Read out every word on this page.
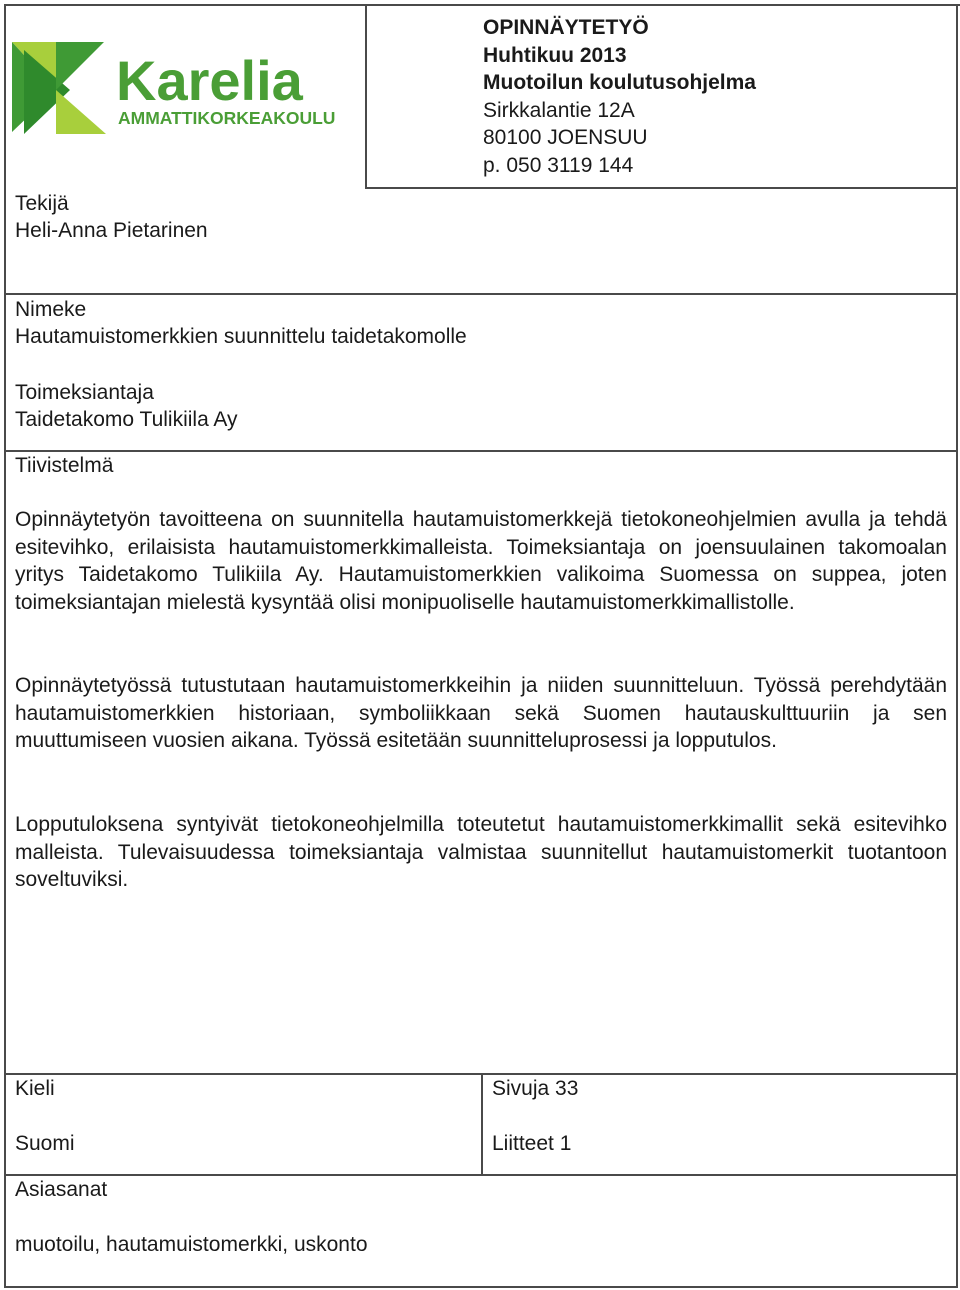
Karelia
AMMATTIKORKEAKOULU
OPINNÄYTETYÖ
Huhtikuu 2013
Muotoilun koulutusohjelma
Sirkkalantie 12A
80100 JOENSUU
p. 050 3119 144
Tekijä
Heli-Anna Pietarinen
Nimeke
Hautamuistomerkkien suunnittelu taidetakomolle
Toimeksiantaja
Taidetakomo Tulikiila Ay
Tiivistelmä
Opinnäytetyön tavoitteena on suunnitella hautamuistomerkkejä tietokoneohjelmien avulla ja tehdä esitevihko, erilaisista hautamuistomerkkimalleista. Toimeksiantaja on joensuulainen takomoalan yritys Taidetakomo Tulikiila Ay. Hautamuistomerkkien valikoima Suomessa on suppea, joten toimeksiantajan mielestä kysyntää olisi monipuoliselle hautamuistomerkkimallistolle.
Opinnäytetyössä tutustutaan hautamuistomerkkeihin ja niiden suunnitteluun. Työssä perehdytään hautamuistomerkkien historiaan, symboliikkaan sekä Suomen hautauskulttuuriin ja sen muuttumiseen vuosien aikana. Työssä esitetään suunnitteluprosessi ja lopputulos.
Lopputuloksena syntyivät tietokoneohjelmilla toteutetut hautamuistomerkkimallit sekä esitevihko malleista. Tulevaisuudessa toimeksiantaja valmistaa suunnitellut hautamuistomerkit tuotantoon soveltuviksi.
Kieli
Suomi
Sivuja 33
Liitteet 1
Asiasanat
muotoilu, hautamuistomerkki, uskonto
